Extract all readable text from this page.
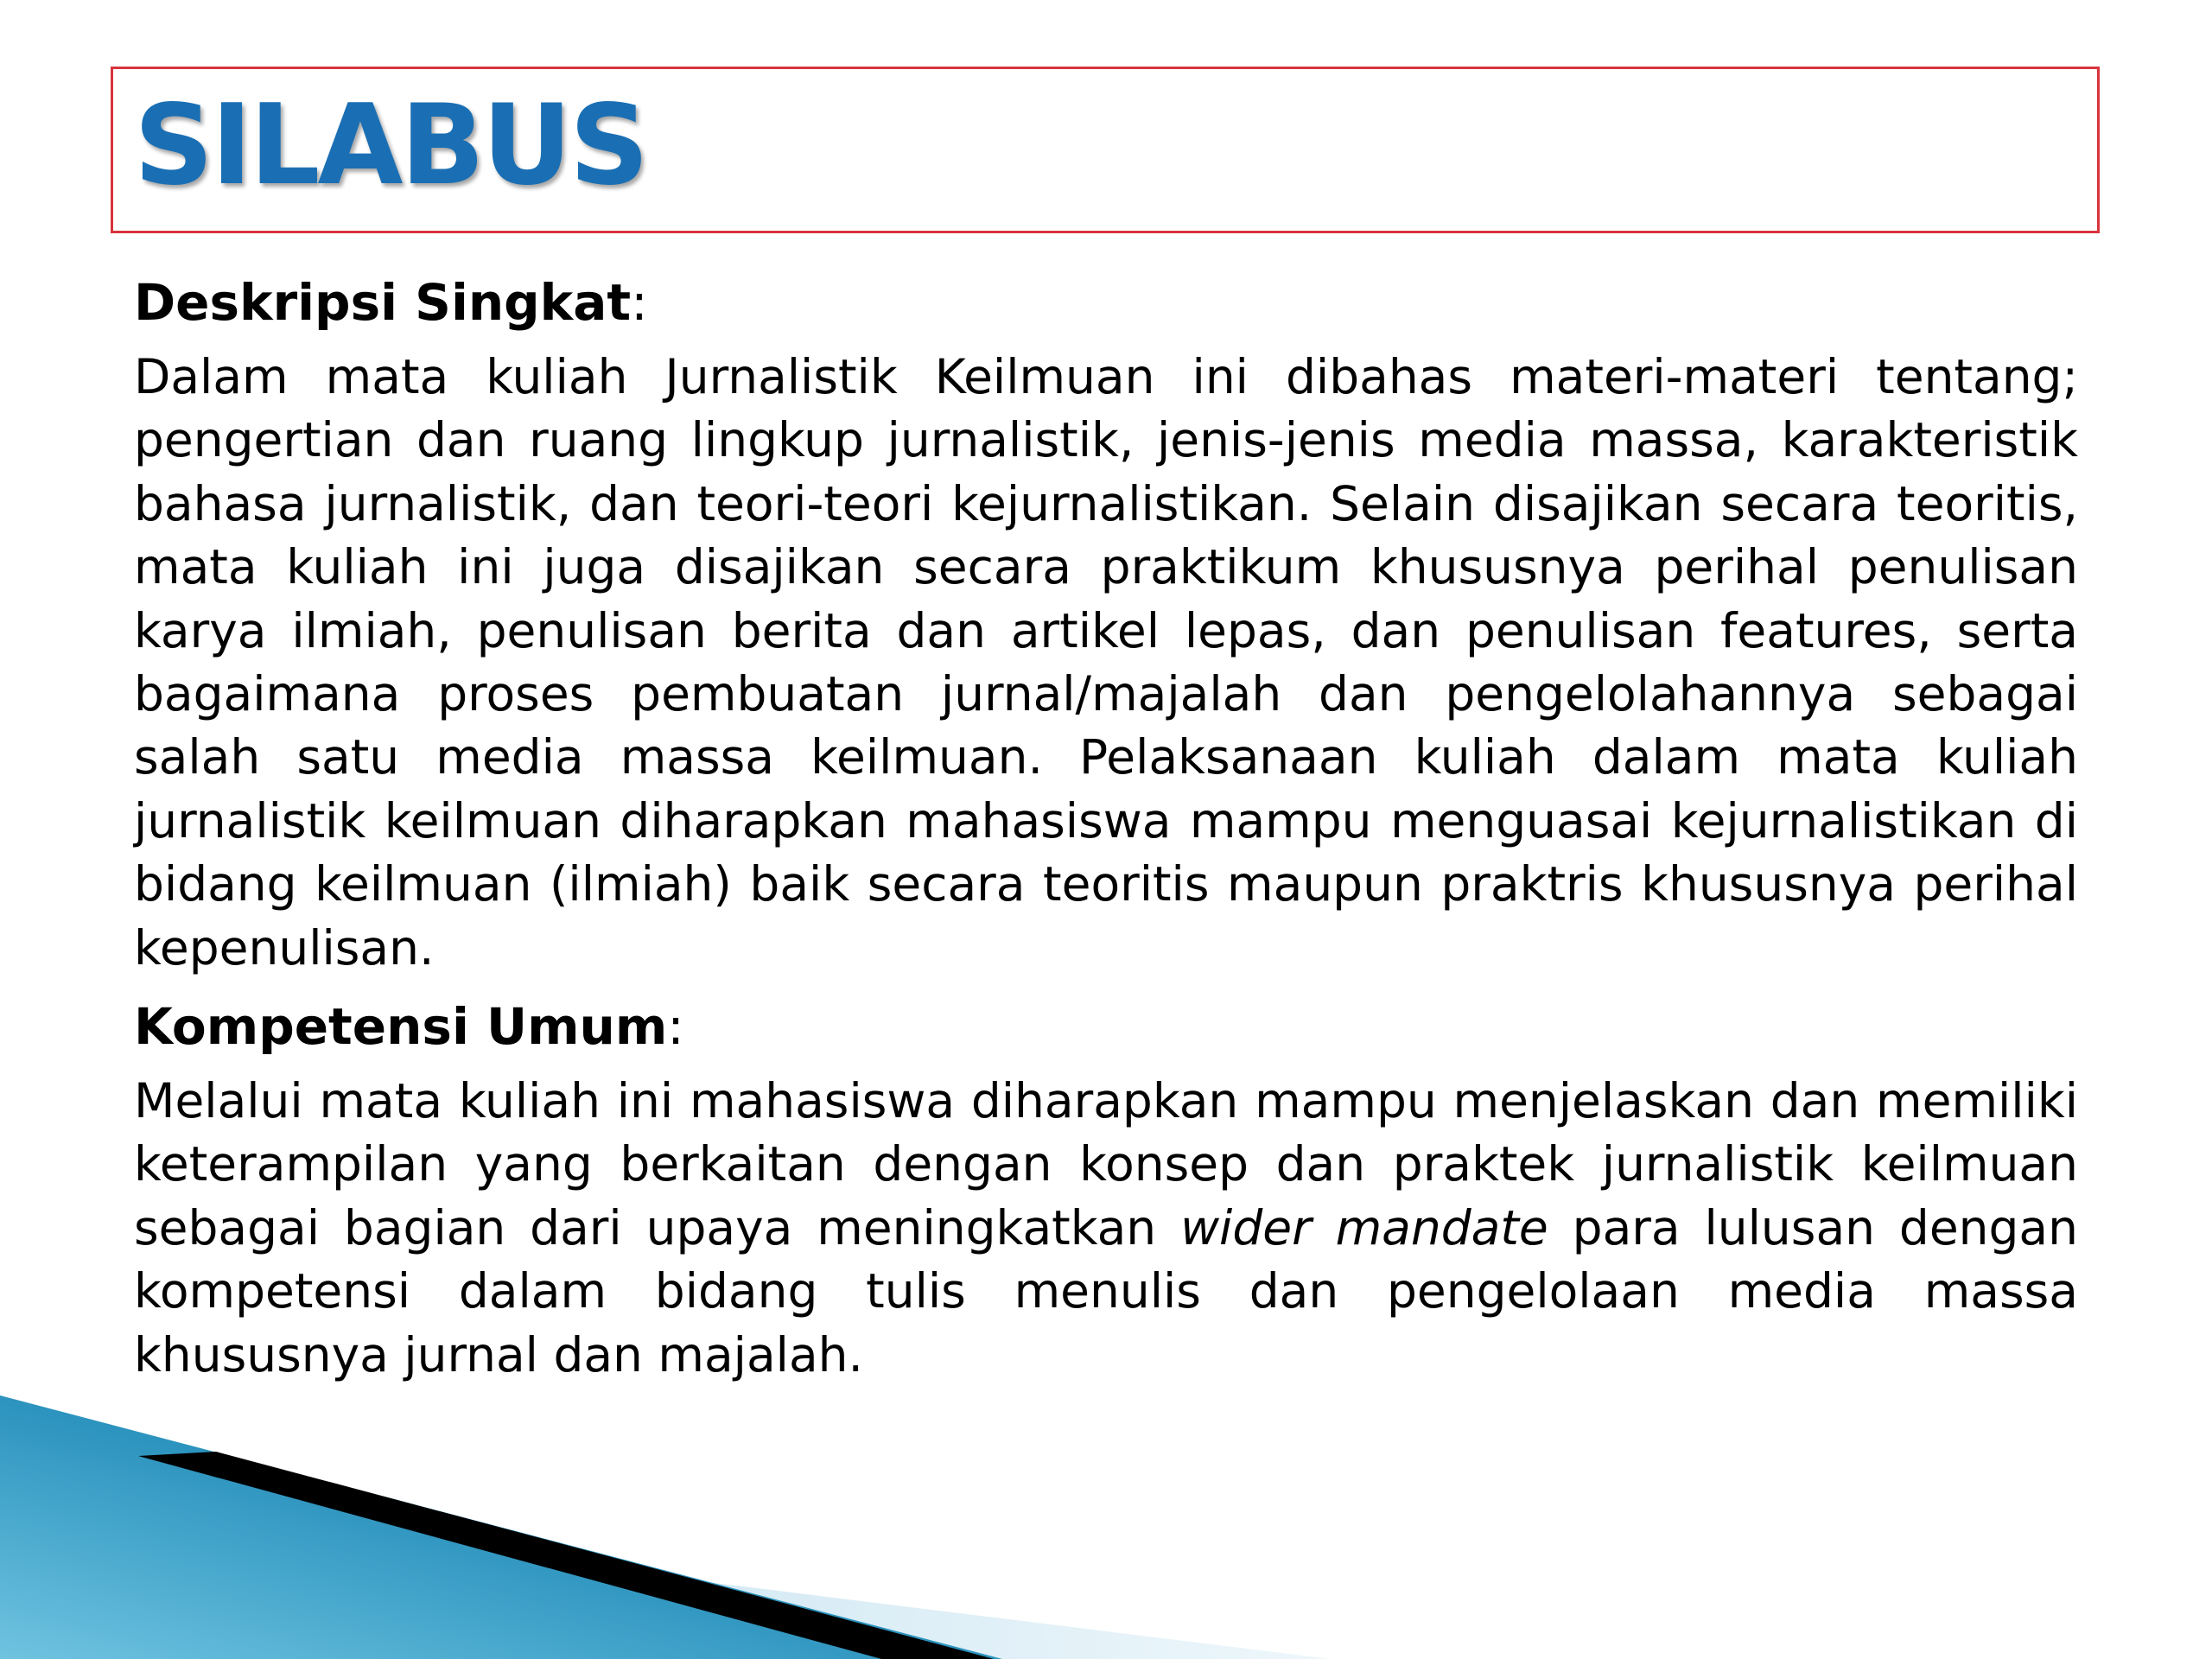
SILABUS
Deskripsi Singkat:

Dalam mata kuliah Jurnalistik Keilmuan ini dibahas materi-materi tentang; pengertian dan ruang lingkup jurnalistik, jenis-jenis media massa, karakteristik bahasa jurnalistik, dan teori-teori kejurnalistikan. Selain disajikan secara teoritis, mata kuliah ini juga disajikan secara praktikum khususnya perihal penulisan karya ilmiah, penulisan berita dan artikel lepas, dan penulisan features, serta bagaimana proses pembuatan jurnal/majalah dan pengelolahannya sebagai salah satu media massa keilmuan. Pelaksanaan kuliah dalam mata kuliah jurnalistik keilmuan diharapkan mahasiswa mampu menguasai kejurnalistikan di bidang keilmuan (ilmiah) baik secara teoritis maupun praktris khususnya perihal kepenulisan.

Kompetensi Umum:

Melalui mata kuliah ini mahasiswa diharapkan mampu menjelaskan dan memiliki keterampilan yang berkaitan dengan konsep dan praktek jurnalistik keilmuan sebagai bagian dari upaya meningkatkan wider mandate para lulusan dengan kompetensi dalam bidang tulis menulis dan pengelolaan media massa khususnya jurnal dan majalah.
